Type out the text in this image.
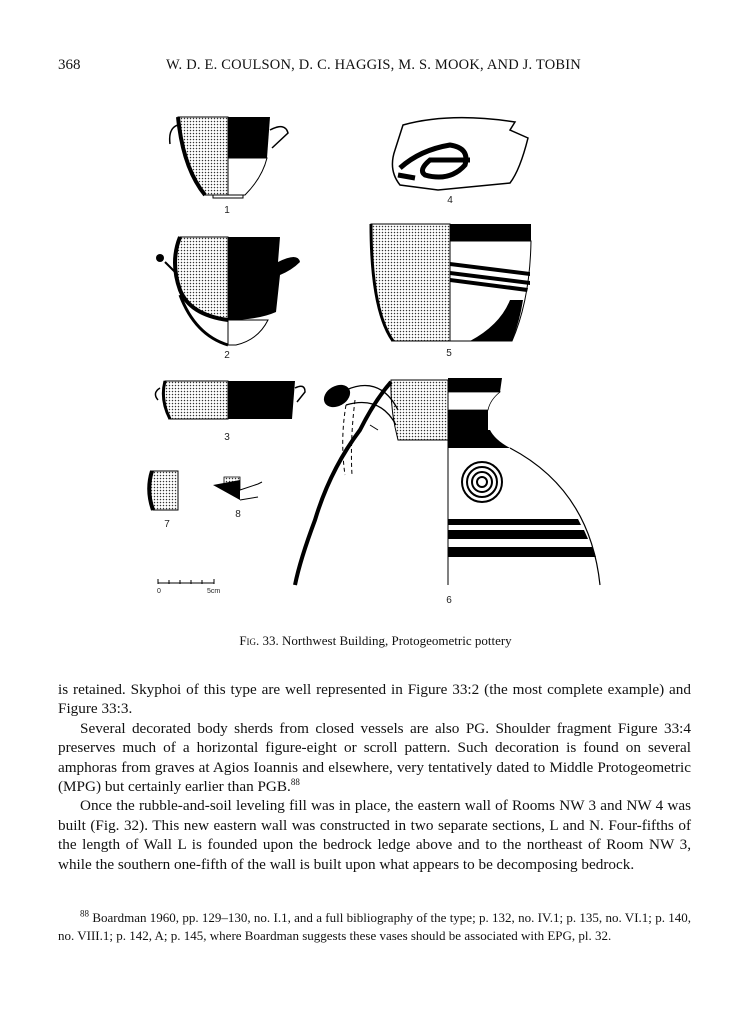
368	W. D. E. COULSON, D. C. HAGGIS, M. S. MOOK, AND J. TOBIN
1
2
3
4
5
6
7
8
0	5cm
Fig. 33. Northwest Building, Protogeometric pottery

is retained. Skyphoi of this type are well represented in Figure 33:2 (the most complete example) and Figure 33:3.

Several decorated body sherds from closed vessels are also PG. Shoulder fragment Figure 33:4 preserves much of a horizontal figure-eight or scroll pattern. Such decoration is found on several amphoras from graves at Agios Ioannis and elsewhere, very tentatively dated to Middle Protogeometric (MPG) but certainly earlier than PGB.$^{88}$

Once the rubble-and-soil leveling fill was in place, the eastern wall of Rooms NW 3 and NW 4 was built (Fig. 32). This new eastern wall was constructed in two separate sections, L and N. Four-fifths of the length of Wall L is founded upon the bedrock ledge above and to the northeast of Room NW 3, while the southern one-fifth of the wall is built upon what appears to be decomposing bedrock.

$^{88}$ Boardman 1960, pp. 129–130, no. I.1, and a full bibliography of the type; p. 132, no. IV.1; p. 135, no. VI.1; p. 140, no. VIII.1; p. 142, A; p. 145, where Boardman suggests these vases should be associated with EPG, pl. 32.
